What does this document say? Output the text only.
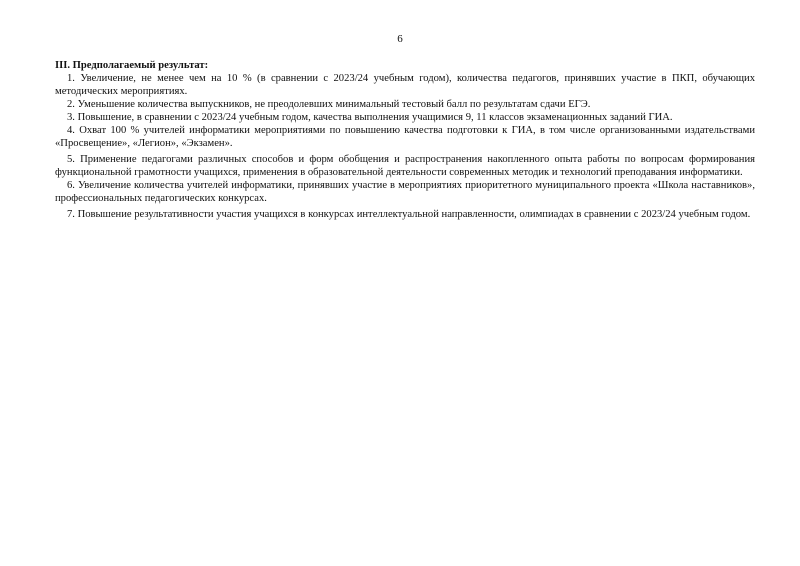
6
III. Предполагаемый результат:

1. Увеличение, не менее чем на 10 % (в сравнении с 2023/24 учебным годом), количества педагогов, принявших участие в ПКП, обучающих методических мероприятиях.

2. Уменьшение количества выпускников, не преодолевших минимальный тестовый балл по результатам сдачи ЕГЭ.

3. Повышение, в сравнении с 2023/24 учебным годом, качества выполнения учащимися 9, 11 классов экзаменационных заданий ГИА.

4. Охват 100 % учителей информатики мероприятиями по повышению качества подготовки к ГИА, в том числе организованными издательствами «Просвещение», «Легион», «Экзамен».

5. Применение педагогами различных способов и форм обобщения и распространения накопленного опыта работы по вопросам формирования функциональной грамотности учащихся, применения в образовательной деятельности современных методик и технологий преподавания информатики.

6. Увеличение количества учителей информатики, принявших участие в мероприятиях приоритетного муниципального проекта «Школа наставников», профессиональных педагогических конкурсах.

7. Повышение результативности участия учащихся в конкурсах интеллектуальной направленности, олимпиадах в сравнении с 2023/24 учебным годом.
